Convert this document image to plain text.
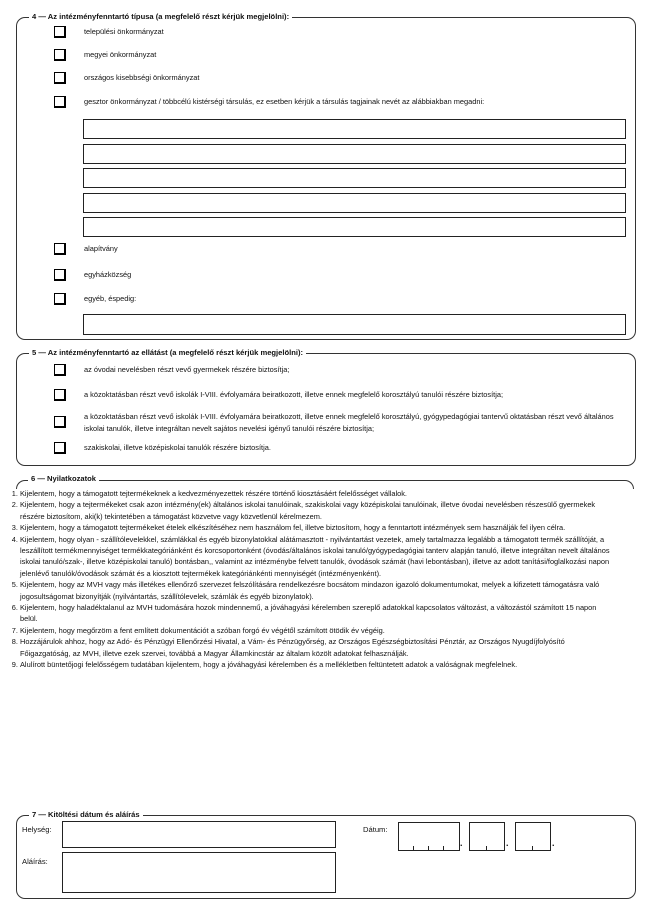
4 — Az intézményfenntartó típusa (a megfelelő részt kérjük megjelölni):
települési önkormányzat
megyei önkormányzat
országos kisebbségi önkormányzat
gesztor önkormányzat / többcélú kistérségi társulás, ez esetben kérjük a társulás tagjainak nevét az alábbiakban megadni:
alapítvány
egyházközség
egyéb, éspedig:
5 — Az intézményfenntartó az ellátást (a megfelelő részt kérjük megjelölni):
az óvodai nevelésben részt vevő gyermekek részére biztosítja;
a közoktatásban részt vevő iskolák I-VIII. évfolyamára beiratkozott, illetve ennek megfelelő korosztályú tanulói részére biztosítja;
a közoktatásban részt vevő iskolák I-VIII. évfolyamára beiratkozott, illetve ennek megfelelő korosztályú, gyógypedagógiai tantervű oktatásban részt vevő általános iskolai tanulók, illetve integráltan nevelt sajátos nevelési igényű tanulói részére biztosítja;
szakiskolai, illetve középiskolai tanulók részére biztosítja.
6 — Nyilatkozatok
1. Kijelentem, hogy a támogatott tejtermékeknek a kedvezményezettek részére történő kiosztásáért felelősséget vállalok.
2. Kijelentem, hogy a tejtermékeket csak azon intézmény(ek) általános iskolai tanulóinak, szakiskolai vagy középiskolai tanulóinak, illetve óvodai nevelésben részesülő gyermekek részére biztosítom, aki(k) tekintetében a támogatást közvetve vagy közvetlenül kérelmezem.
3. Kijelentem, hogy a támogatott tejtermékeket ételek elkészítéséhez nem használom fel, illetve biztosítom, hogy a fenntartott intézmények sem használják fel ilyen célra.
4. Kijelentem, hogy olyan - szállítólevelekkel, számlákkal és egyéb bizonylatokkal alátámasztott - nyilvántartást vezetek, amely tartalmazza legalább a támogatott termék szállítóját, a leszállított termékmennyiséget termékkategóriánként és korcsoportonként (óvodás/általános iskolai tanuló/gyógypedagógiai tanterv alapján tanuló, illetve integráltan nevelt általános iskolai tanuló/szak-, illetve középiskolai tanuló) bontásban,, valamint az intézménybe felvett tanulók, óvodások számát (havi lebontásban), illetve az adott tanítási/foglalkozási napon jelenlévő tanulók/óvodások számát és a kiosztott tejtermékek kategóriánkénti mennyiségét (intézményenként).
5. Kijelentem, hogy az MVH vagy más illetékes ellenőrző szervezet felszólítására rendelkezésre bocsátom mindazon igazoló dokumentumokat, melyek a kifizetett támogatásra való jogosultságomat bizonyítják (nyilvántartás, szállítólevelek, számlák és egyéb bizonylatok).
6. Kijelentem, hogy haladéktalanul az MVH tudomására hozok mindennemű, a jóváhagyási kérelemben szereplő adatokkal kapcsolatos változást, a változástól számított 15 napon belül.
7. Kijelentem, hogy megőrzöm a fent említett dokumentációt a szóban forgó év végétől számított ötödik év végéig.
8. Hozzájárulok ahhoz, hogy az Adó- és Pénzügyi Ellenőrzési Hivatal, a Vám- és Pénzügyőrség, az Országos Egészségbiztosítási Pénztár, az Országos Nyugdíjfolyósító Főigazgatóság, az MVH, illetve ezek szervei, továbbá a Magyar Államkincstár az általam közölt adatokat felhasználják.
9. Alulírott büntetőjogi felelősségem tudatában kijelentem, hogy a jóváhagyási kérelemben és a mellékletben feltüntetett adatok a valóságnak megfelelnek.
7 — Kitöltési dátum és aláírás
Helység:	Dátum:
.	.	.
Aláírás:
